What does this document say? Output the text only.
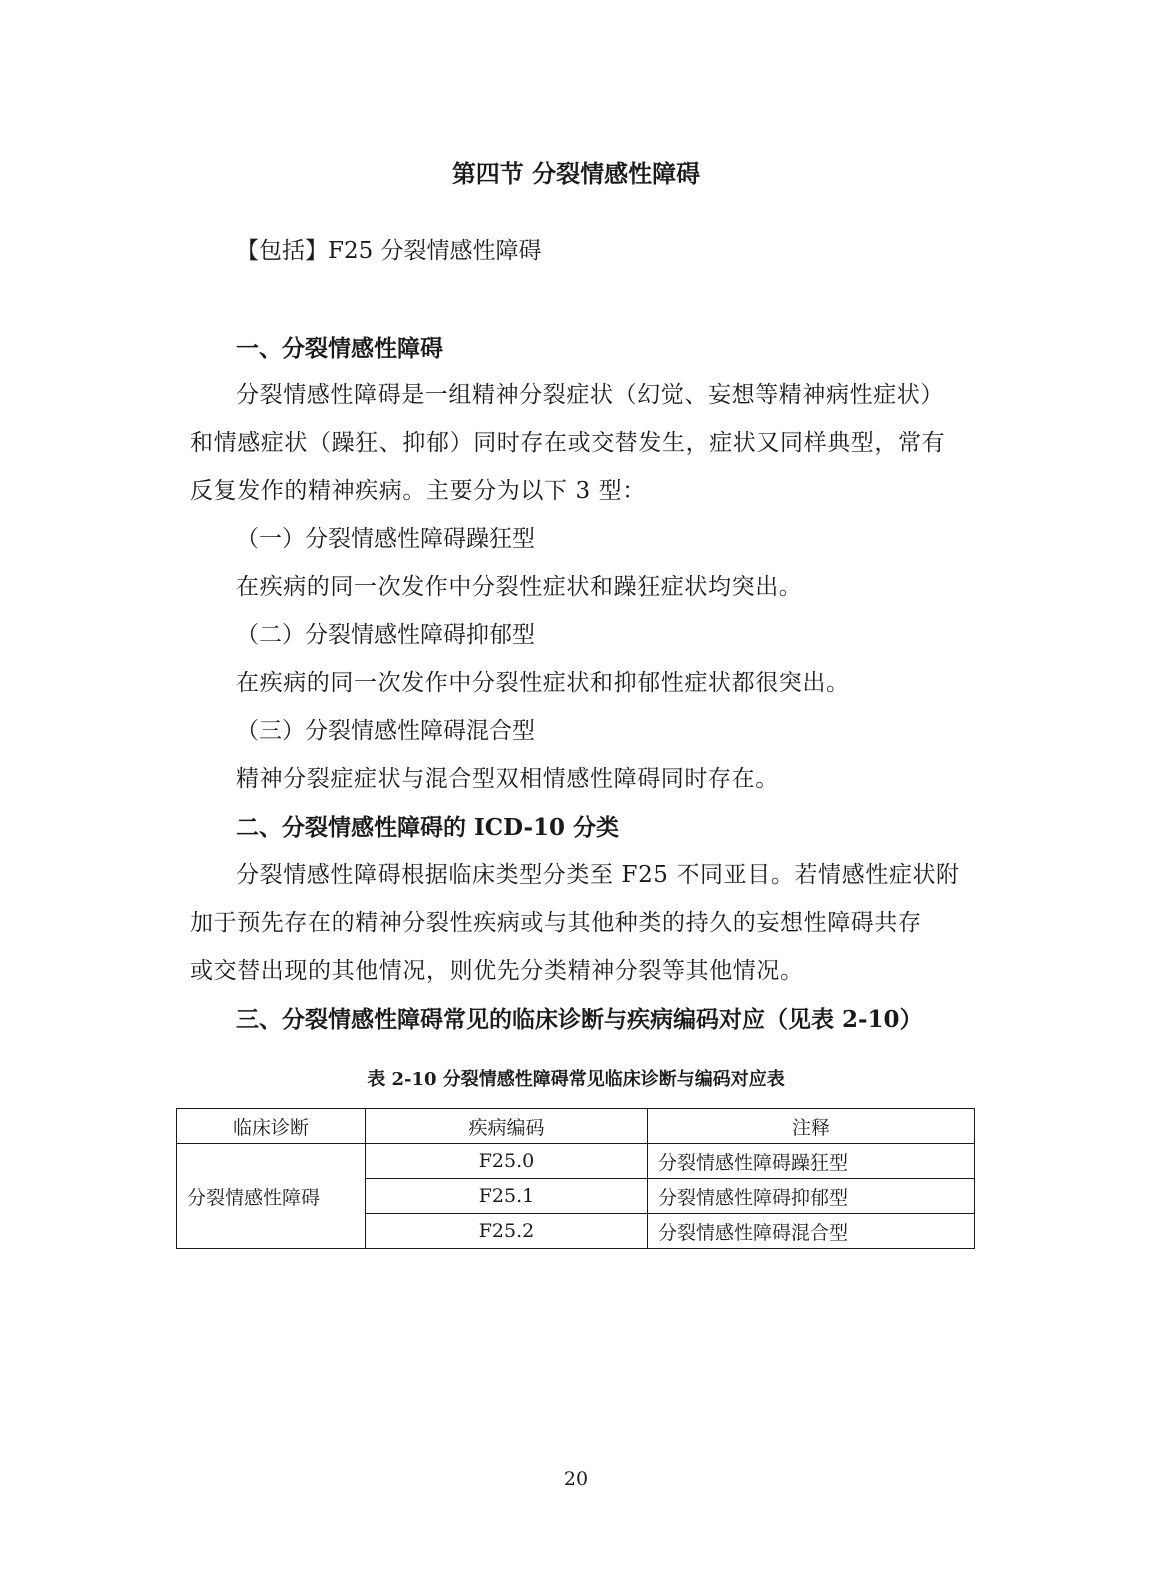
第四节 分裂情感性障碍
【包括】F25 分裂情感性障碍
一、分裂情感性障碍
分裂情感性障碍是一组精神分裂症状（幻觉、妄想等精神病性症状）
和情感症状（躁狂、抑郁）同时存在或交替发生，症状又同样典型，常有
反复发作的精神疾病。主要分为以下 3 型：
（一）分裂情感性障碍躁狂型
在疾病的同一次发作中分裂性症状和躁狂症状均突出。
（二）分裂情感性障碍抑郁型
在疾病的同一次发作中分裂性症状和抑郁性症状都很突出。
（三）分裂情感性障碍混合型
精神分裂症症状与混合型双相情感性障碍同时存在。
二、分裂情感性障碍的 ICD-10 分类
分裂情感性障碍根据临床类型分类至 F25 不同亚目。若情感性症状附
加于预先存在的精神分裂性疾病或与其他种类的持久的妄想性障碍共存
或交替出现的其他情况，则优先分类精神分裂等其他情况。
三、分裂情感性障碍常见的临床诊断与疾病编码对应（见表 2-10）
表 2-10 分裂情感性障碍常见临床诊断与编码对应表
临床诊断	疾病编码	注释
分裂情感性障碍	F25.0	分裂情感性障碍躁狂型
	F25.1	分裂情感性障碍抑郁型
	F25.2	分裂情感性障碍混合型
20
